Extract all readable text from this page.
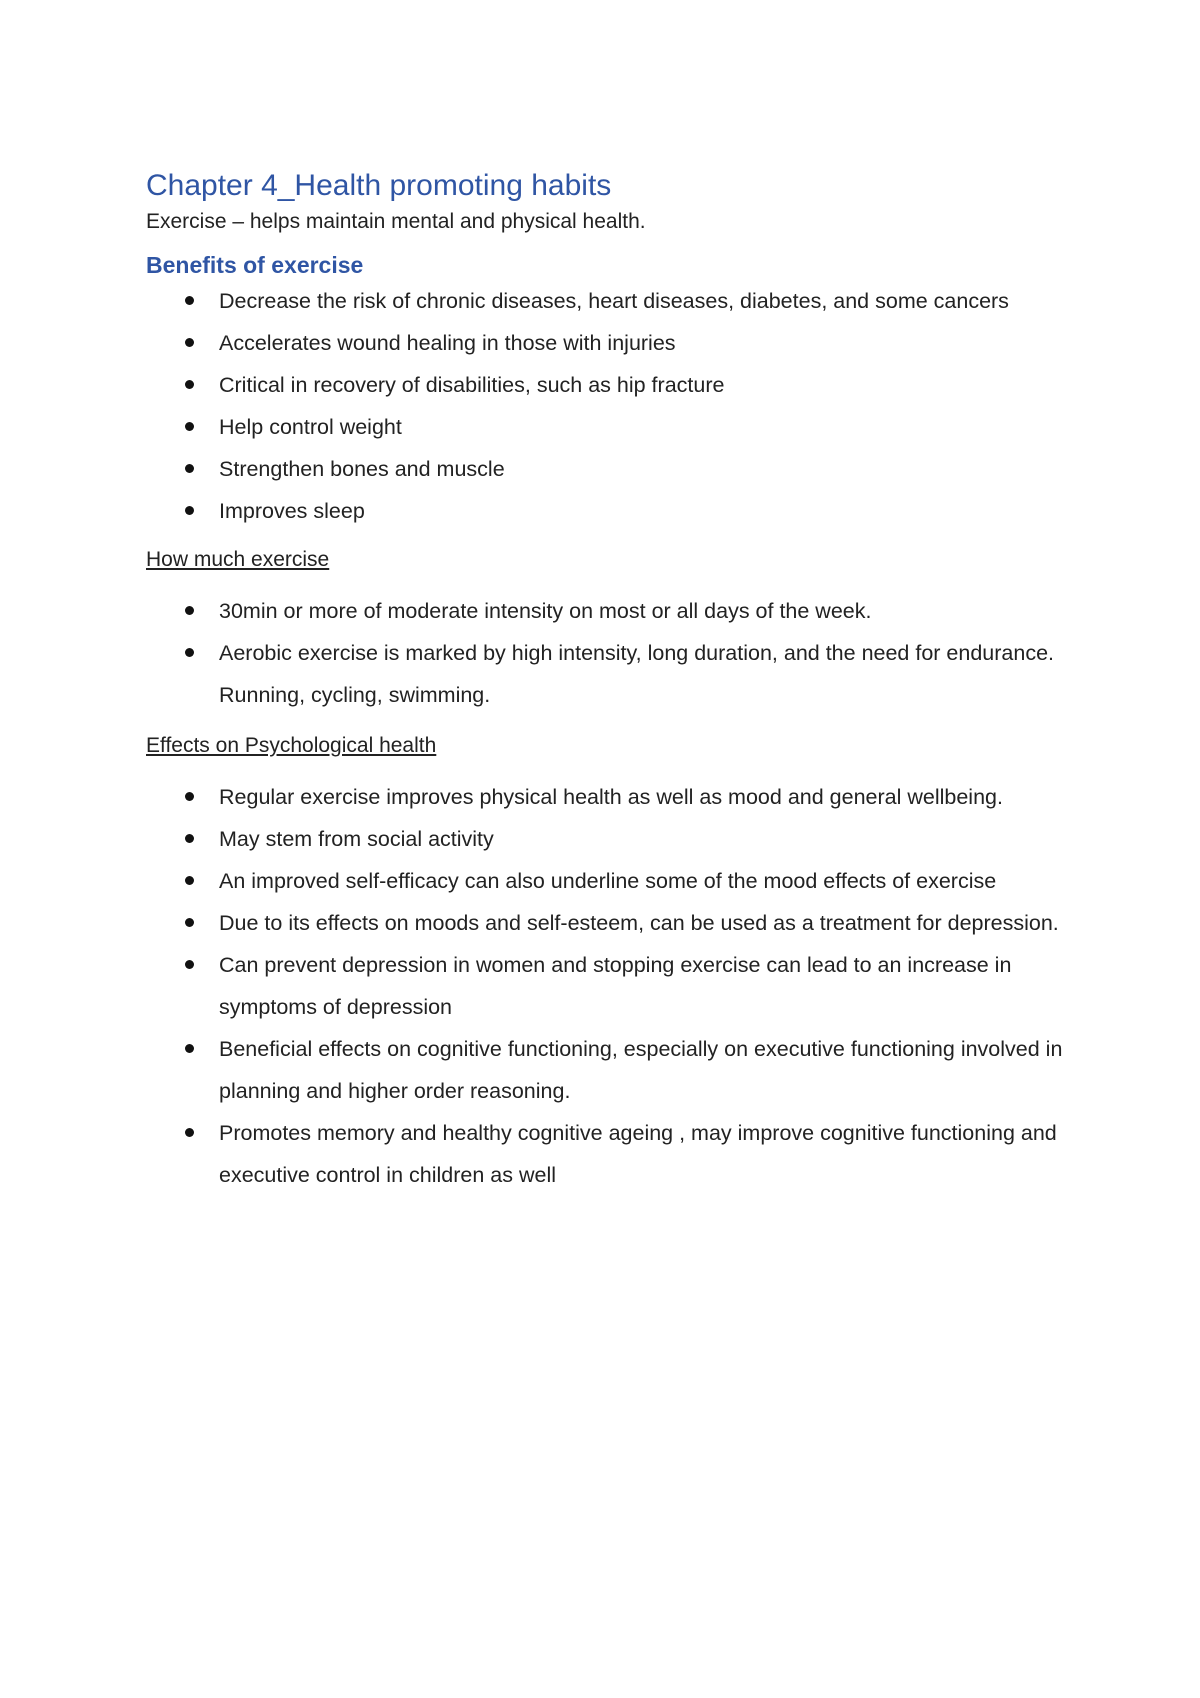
Chapter 4_Health promoting habits

Exercise – helps maintain mental and physical health.

Benefits of exercise
Decrease the risk of chronic diseases, heart diseases, diabetes, and some cancers
Accelerates wound healing in those with injuries
Critical in recovery of disabilities, such as hip fracture
Help control weight
Strengthen bones and muscle
Improves sleep
How much exercise
30min or more of moderate intensity on most or all days of the week.
Aerobic exercise is marked by high intensity, long duration, and the need for endurance. Running, cycling, swimming.
Effects on Psychological health
Regular exercise improves physical health as well as mood and general wellbeing.
May stem from social activity
An improved self-efficacy can also underline some of the mood effects of exercise
Due to its effects on moods and self-esteem, can be used as a treatment for depression.
Can prevent depression in women and stopping exercise can lead to an increase in symptoms of depression
Beneficial effects on cognitive functioning, especially on executive functioning involved in planning and higher order reasoning.
Promotes memory and healthy cognitive ageing , may improve cognitive functioning and executive control in children as well
